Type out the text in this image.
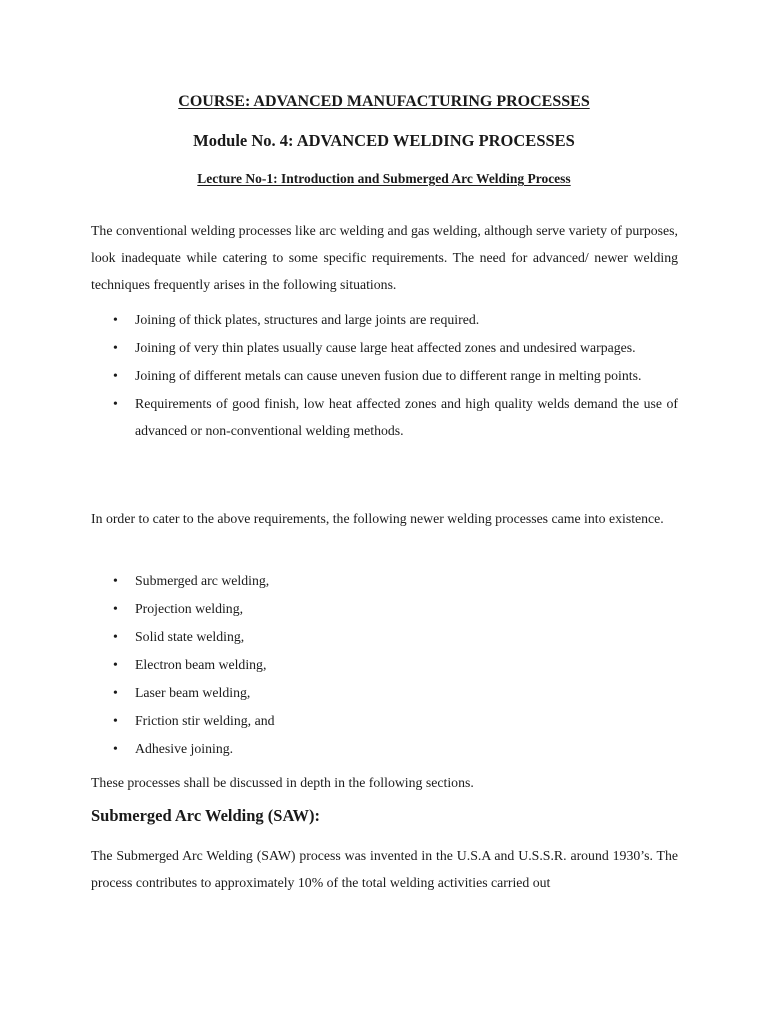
COURSE: ADVANCED MANUFACTURING PROCESSES
Module No. 4: ADVANCED WELDING PROCESSES
Lecture No-1: Introduction and Submerged Arc Welding Process

The conventional welding processes like arc welding and gas welding, although serve variety of purposes, look inadequate while catering to some specific requirements. The need for advanced/ newer welding techniques frequently arises in the following situations.

• Joining of thick plates, structures and large joints are required.
• Joining of very thin plates usually cause large heat affected zones and undesired warpages.
• Joining of different metals can cause uneven fusion due to different range in melting points.
• Requirements of good finish, low heat affected zones and high quality welds demand the use of advanced or non-conventional welding methods.

In order to cater to the above requirements, the following newer welding processes came into existence.

• Submerged arc welding,
• Projection welding,
• Solid state welding,
• Electron beam welding,
• Laser beam welding,
• Friction stir welding, and
• Adhesive joining.

These processes shall be discussed in depth in the following sections.

Submerged Arc Welding (SAW):

The Submerged Arc Welding (SAW) process was invented in the U.S.A and U.S.S.R. around 1930’s. The process contributes to approximately 10% of the total welding activities carried out
